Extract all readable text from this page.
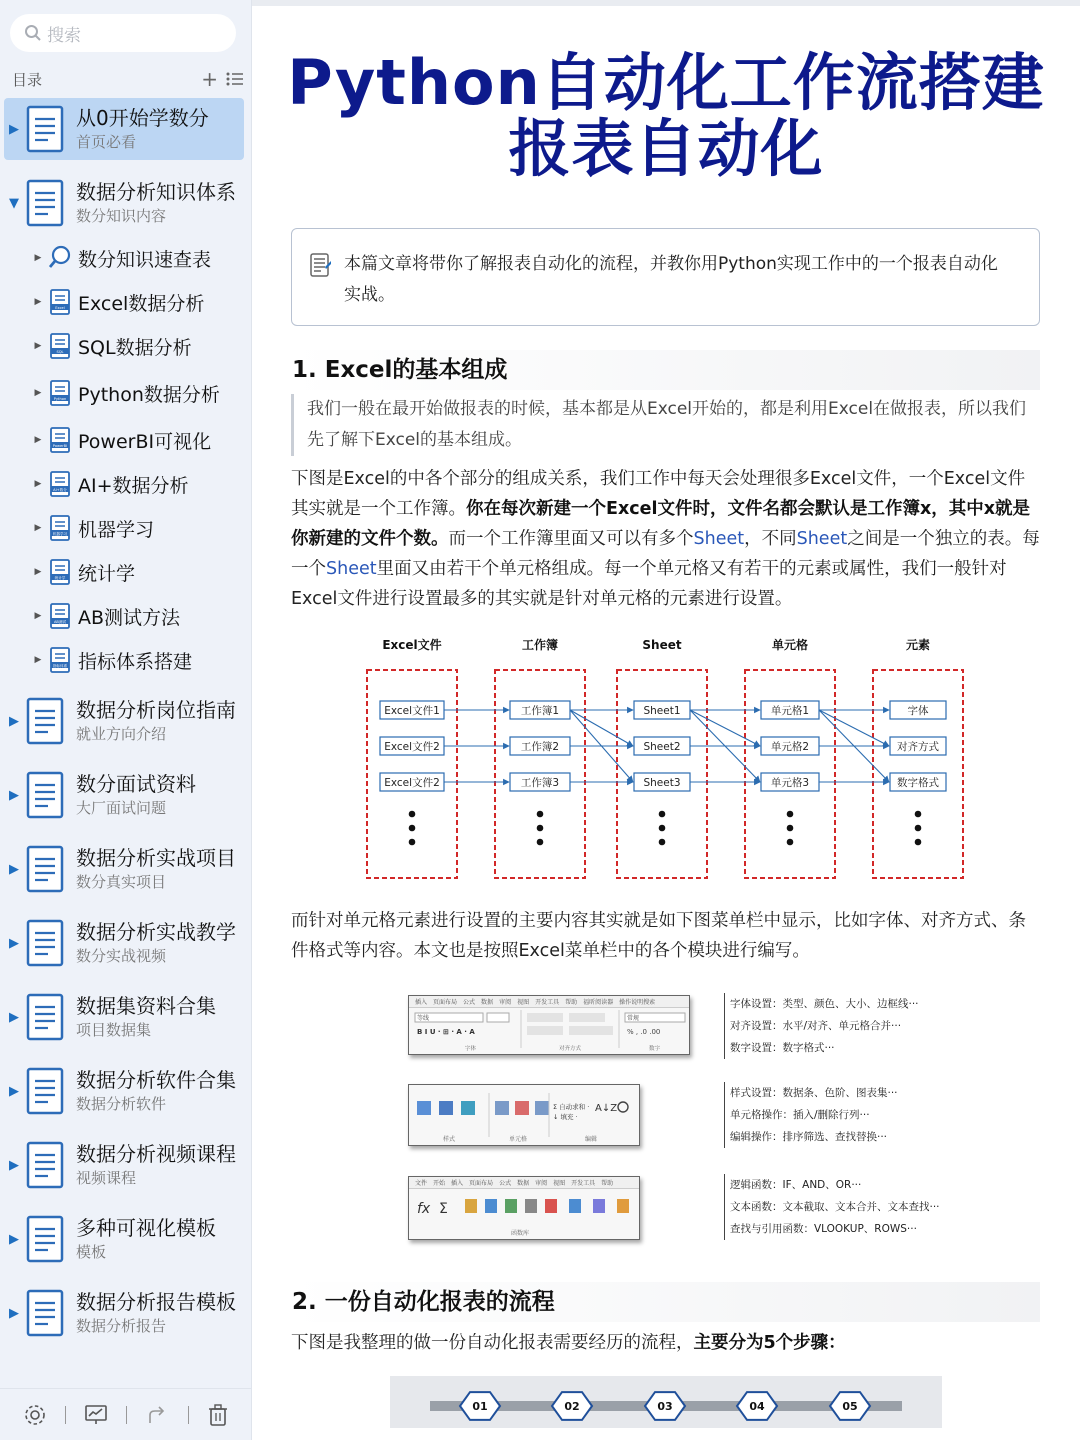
搜索
目录	+
▶	从0开始学数分
首页必看
▼	数据分析知识体系
数分知识内容
▶	数分知识速查表
▶
Excel Excel数据分析
▶
SQL SQL数据分析
▶
Python Python数据分析
▶
PowerBI PowerBI可视化
▶
AI+数分 AI+数据分析
▶
机器学习 机器学习
▶
统计学 统计学
▶
AB测试 AB测试方法
▶
指标体系 指标体系搭建
▶	数据分析岗位指南
就业方向介绍
▶	数分面试资料
大厂面试问题
▶	数据分析实战项目
数分真实项目
▶	数据分析实战教学
数分实战视频
▶	数据集资料合集
项目数据集
▶	数据分析软件合集
数据分析软件
▶	数据分析视频课程
视频课程
▶	多种可视化模板
模板
▶	数据分析报告模板
数据分析报告
Python自动化工作流搭建
报表自动化
本篇文章将带你了解报表自动化的流程，并教你用Python实现工作中的一个报表自动化实战。
1. Excel的基本组成
我们一般在最开始做报表的时候，基本都是从Excel开始的，都是利用Excel在做报表，所以我们先了解下Excel的基本组成。
下图是Excel的中各个部分的组成关系，我们工作中每天会处理很多Excel文件，一个Excel文件其实就是一个工作簿。你在每次新建一个Excel文件时，文件名都会默认是工作簿x，其中x就是你新建的文件个数。而一个工作簿里面又可以有多个Sheet，不同Sheet之间是一个独立的表。每一个Sheet里面又由若干个单元格组成。每一个单元格又有若干的元素或属性，我们一般针对Excel文件进行设置最多的其实就是针对单元格的元素进行设置。
Excel文件	工作簿	Sheet	单元格	元素
Excel文件1
Excel文件2
Excel文件2
工作簿1
工作簿2
工作簿3
Sheet1
Sheet2
Sheet3
单元格1
单元格2
单元格3
字体
对齐方式
数字格式
而针对单元格元素进行设置的主要内容其实就是如下图菜单栏中显示，比如字体、对齐方式、条件格式等内容。本文也是按照Excel菜单栏中的各个模块进行编写。
插入 页面布局 公式 数据 审阅 视图 开发工具 帮助 福昕阅读器 操作说明搜索
等线
B I U · ⊞ · A · A
常规
% , .0 .00
字体	对齐方式	数字
字体设置：类型、颜色、大小、边框线···
对齐设置：水平/对齐、单元格合并···
数字设置：数字格式···
Σ 自动求和 ·
↓ 填充 ·
A↓Z
样式	单元格	编辑
样式设置：数据条、色阶、图表集···
单元格操作：插入/删除行列···
编辑操作：排序筛选、查找替换···
文件 开始 插入 页面布局 公式 数据 审阅 视图 开发工具 帮助
fx Σ
函数库
逻辑函数：IF、AND、OR···
文本函数：文本截取、文本合并、文本查找···
查找与引用函数：VLOOKUP、ROWS···
2. 一份自动化报表的流程
下图是我整理的做一份自动化报表需要经历的流程，主要分为5个步骤：
01	02	03	04	05
